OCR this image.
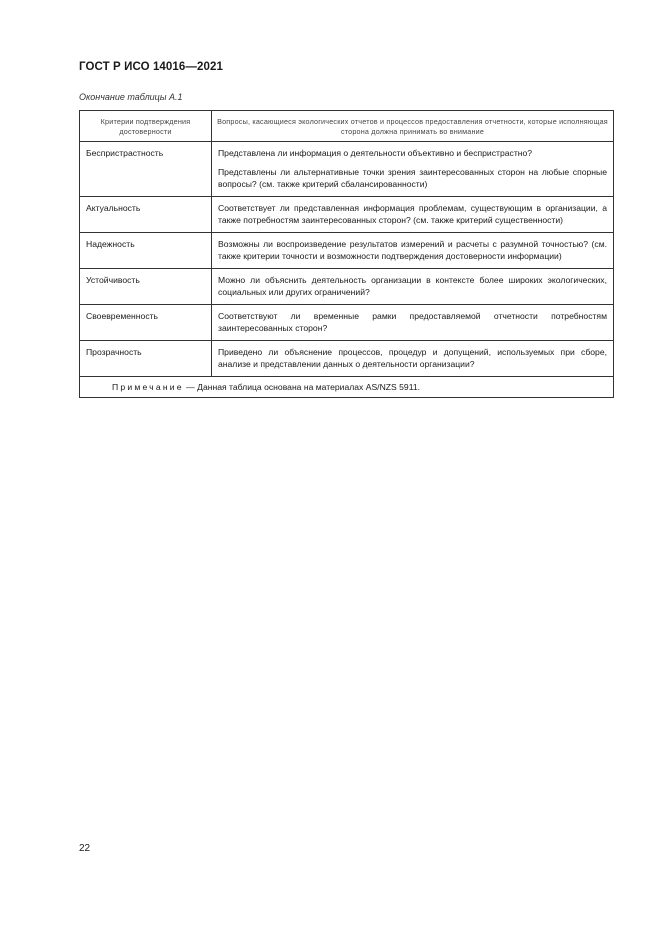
ГОСТ Р ИСО 14016—2021
Окончание таблицы А.1
Критерии подтверждения достоверности	Вопросы, касающиеся экологических отчетов и процессов предоставления отчетности, которые исполняющая сторона должна принимать во внимание
Беспристрастность	Представлена ли информация о деятельности объективно и беспристрастно?

Представлены ли альтернативные точки зрения заинтересованных сторон на любые спорные вопросы? (см. также критерий сбалансированности)

Актуальность	Соответствует ли представленная информация проблемам, существующим в организации, а также потребностям заинтересованных сторон? (см. также критерий существенности)

Надежность	Возможны ли воспроизведение результатов измерений и расчеты с разумной точностью? (см. также критерии точности и возможности подтверждения достоверности информации)

Устойчивость	Можно ли объяснить деятельность организации в контексте более широких экологических, социальных или других ограничений?

Своевременность	Соответствуют ли временные рамки предоставляемой отчетности потребностям заинтересованных сторон?

Прозрачность	Приведено ли объяснение процессов, процедур и допущений, используемых при сборе, анализе и представлении данных о деятельности организации?

Примечание — Данная таблица основана на материалах AS/NZS 5911.	
22
